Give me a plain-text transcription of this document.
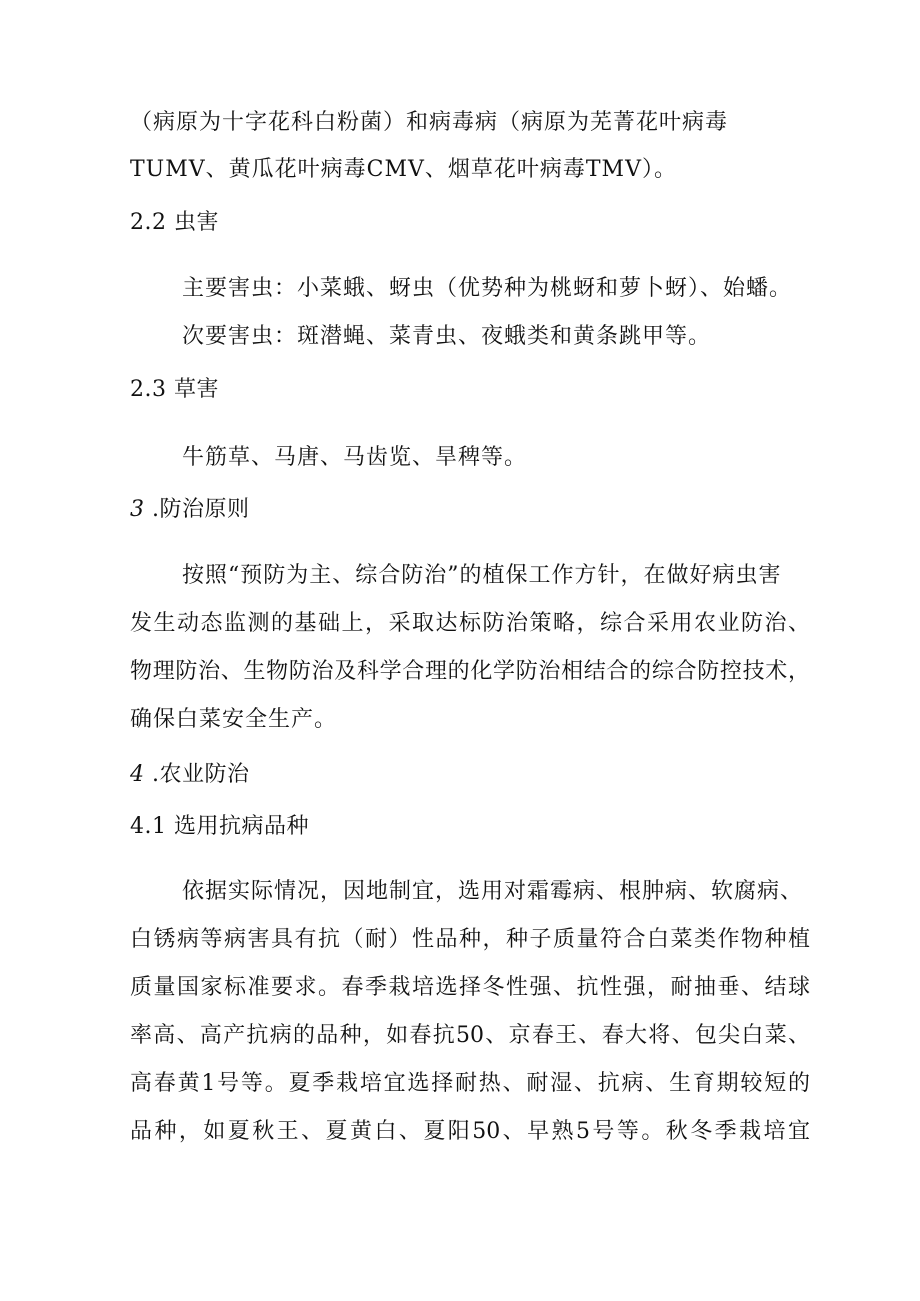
（病原为十字花科白粉菌）和病毒病（病原为芜菁花叶病毒
TUMV、黄瓜花叶病毒CMV、烟草花叶病毒TMV）。
2.2 虫害
主要害虫：小菜蛾、蚜虫（优势种为桃蚜和萝卜蚜）、始蟠。
次要害虫：斑潜蝇、菜青虫、夜蛾类和黄条跳甲等。
2.3 草害
牛筋草、马唐、马齿览、旱稗等。
3 .防治原则
按照“预防为主、综合防治”的植保工作方针，在做好病虫害
发生动态监测的基础上，采取达标防治策略，综合采用农业防治、
物理防治、生物防治及科学合理的化学防治相结合的综合防控技术，
确保白菜安全生产。
4 .农业防治
4.1 选用抗病品种
依据实际情况，因地制宜，选用对霜霉病、根肿病、软腐病、
白锈病等病害具有抗（耐）性品种，种子质量符合白菜类作物种植
质量国家标准要求。春季栽培选择冬性强、抗性强，耐抽垂、结球
率高、高产抗病的品种，如春抗50、京春王、春大将、包尖白菜、
高春黄1号等。夏季栽培宜选择耐热、耐湿、抗病、生育期较短的
品种，如夏秋王、夏黄白、夏阳50、早熟5号等。秋冬季栽培宜
